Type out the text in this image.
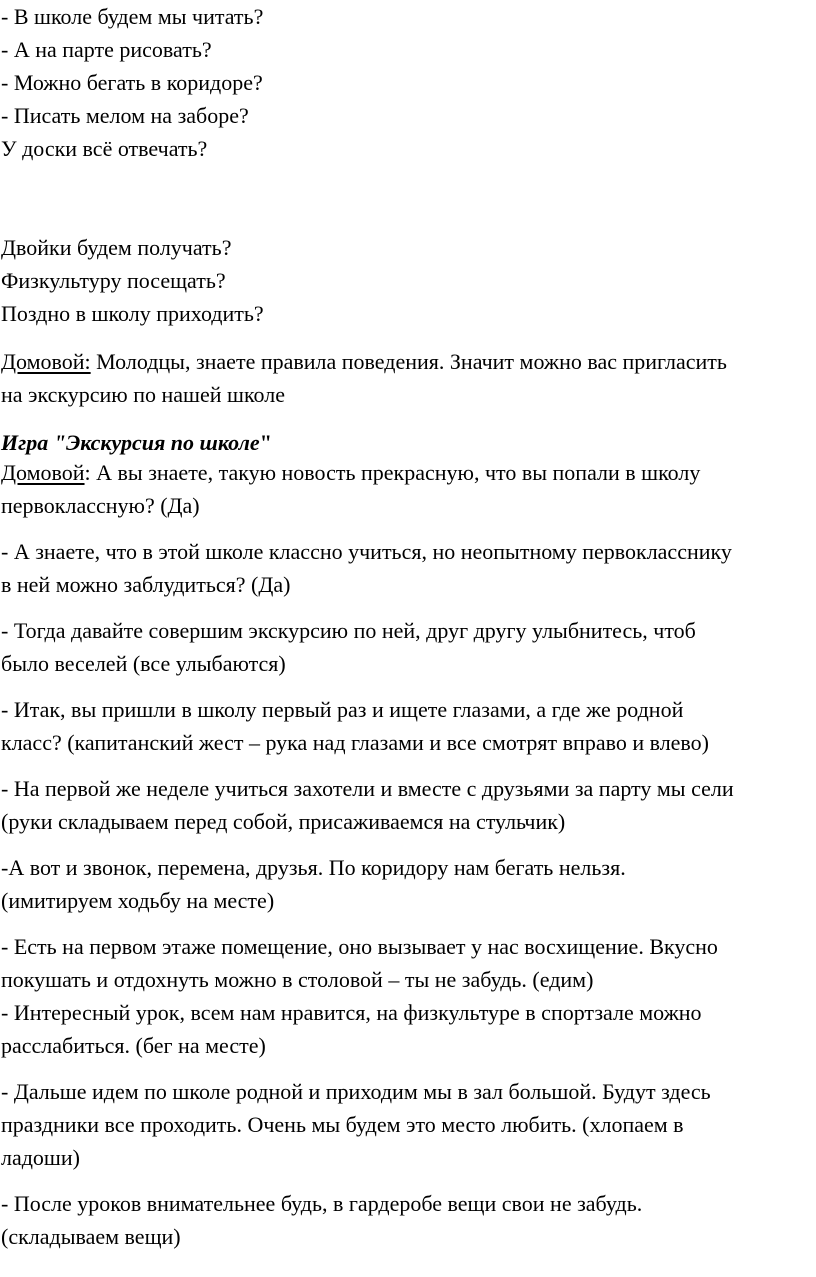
- В школе будем мы читать?
- А на парте рисовать?
- Можно бегать в коридоре?
- Писать мелом на заборе?
У доски всё отвечать?
Двойки будем получать?
Физкультуру посещать?
Поздно в школу приходить?
Домовой: Молодцы, знаете правила поведения. Значит можно вас пригласить
на экскурсию по нашей школе
Игра "Экскурсия по школе"
Домовой: А вы знаете, такую новость прекрасную, что вы попали в школу
первоклассную? (Да)
- А знаете, что в этой школе классно учиться, но неопытному первокласснику
в ней можно заблудиться? (Да)
- Тогда давайте совершим экскурсию по ней, друг другу улыбнитесь, чтоб
было веселей (все улыбаются)
- Итак, вы пришли в школу первый раз и ищете глазами, а где же родной
класс? (капитанский жест – рука над глазами и все смотрят вправо и влево)
- На первой же неделе учиться захотели и вместе с друзьями за парту мы сели
(руки складываем перед собой, присаживаемся на стульчик)
-А вот и звонок, перемена, друзья. По коридору нам бегать нельзя.
(имитируем ходьбу на месте)
- Есть на первом этаже помещение, оно вызывает у нас восхищение. Вкусно
покушать и отдохнуть можно в столовой – ты не забудь. (едим)
- Интересный урок, всем нам нравится, на физкультуре в спортзале можно
расслабиться. (бег на месте)
- Дальше идем по школе родной и приходим мы в зал большой. Будут здесь
праздники все проходить. Очень мы будем это место любить. (хлопаем в
ладоши)
- После уроков внимательнее будь, в гардеробе вещи свои не забудь.
(складываем вещи)
